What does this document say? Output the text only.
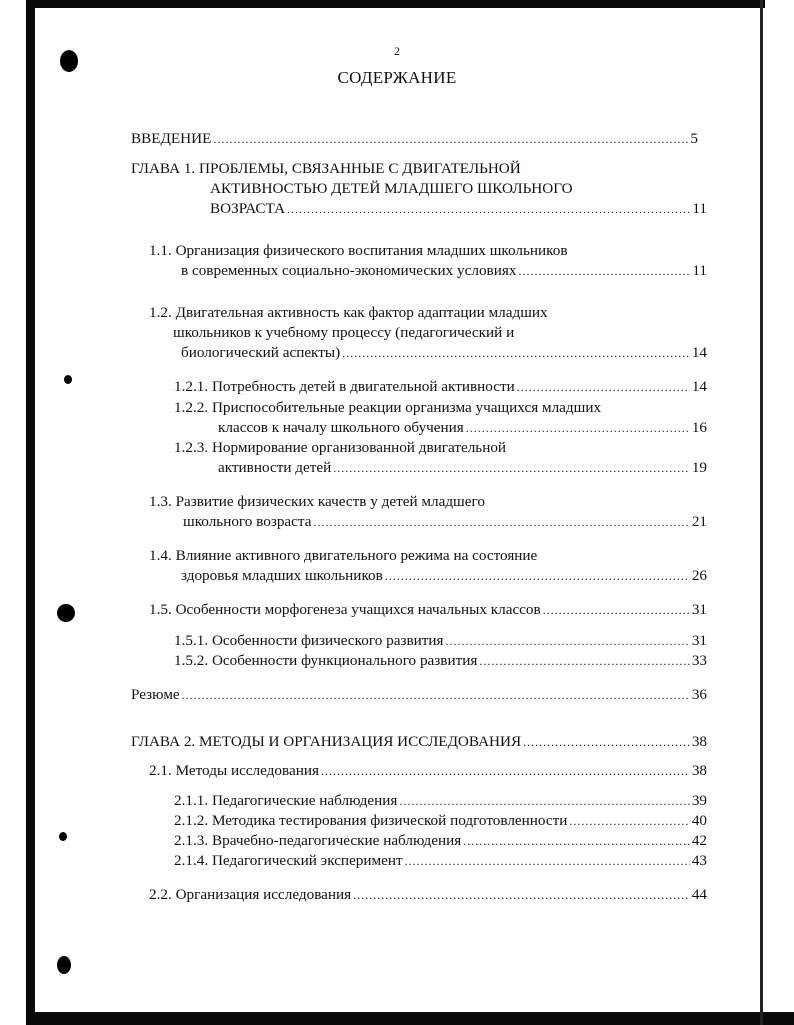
2
СОДЕРЖАНИЕ
ВВЕДЕНИЕ .....	5
ГЛАВА 1. ПРОБЛЕМЫ, СВЯЗАННЫЕ С ДВИГАТЕЛЬНОЙ
АКТИВНОСТЬЮ ДЕТЕЙ МЛАДШЕГО ШКОЛЬНОГО
ВОЗРАСТА .....	11
1.1. Организация физического воспитания младших школьников
в современных социально-экономических условиях .....	11
1.2. Двигательная активность как фактор адаптации младших
школьников к учебному процессу (педагогический и
биологический аспекты) .....	14
1.2.1. Потребность детей в двигательной активности .....	14
1.2.2. Приспособительные реакции организма учащихся младших
классов к началу школьного обучения .....	16
1.2.3. Нормирование организованной двигательной
активности детей .....	19
1.3. Развитие физических качеств у детей младшего
школьного возраста .....	21
1.4. Влияние активного двигательного режима на состояние
здоровья младших школьников .....	26
1.5. Особенности морфогенеза учащихся начальных классов .....	31
1.5.1. Особенности физического развития .....	31
1.5.2. Особенности функционального развития .....	33
Резюме .....	36
ГЛАВА 2. МЕТОДЫ И ОРГАНИЗАЦИЯ ИССЛЕДОВАНИЯ .....	38
2.1. Методы исследования .....	38
2.1.1. Педагогические наблюдения .....	39
2.1.2. Методика тестирования физической подготовленности .....	40
2.1.3. Врачебно-педагогические наблюдения .....	42
2.1.4. Педагогический эксперимент .....	43
2.2. Организация исследования .....	44
